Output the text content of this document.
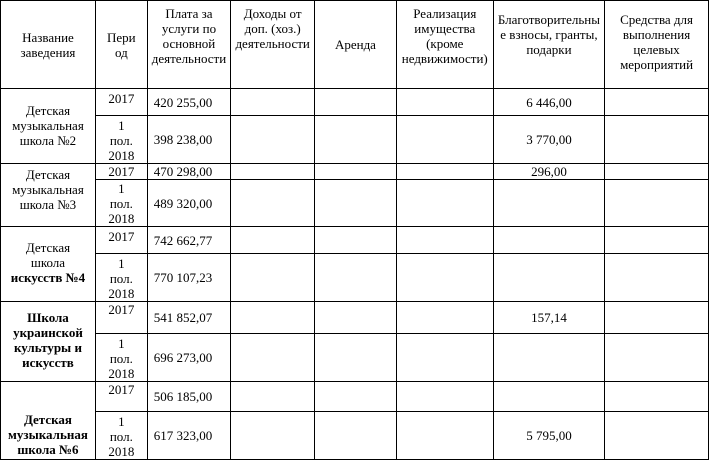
Название заведения	Пери од	Плата за услуги по основной деятельности	Доходы от доп. (хоз.) деятельности	Аренда	Реализация имущества (кроме недвижимости)	Благотворительные взносы, гранты, подарки	Средства для выполнения целевых мероприятий
Детская музыкальная школа №2	2017	420 255,00				6 446,00	

	1 пол. 2018	398 238,00				3 770,00	
Детская музыкальная школа №3	2017	470 298,00				296,00	

	1 пол. 2018	489 320,00					

Детская школа
искусств №4	2017	742 662,77					

	1 пол. 2018	770 107,23					
Школа украинской культуры и искусств	2017	541 852,07				157,14	

	1 пол. 2018	696 273,00					
Детская музыкальная школа №6	2017	506 185,00					

	1 пол. 2018	617 323,00				5 795,00	
